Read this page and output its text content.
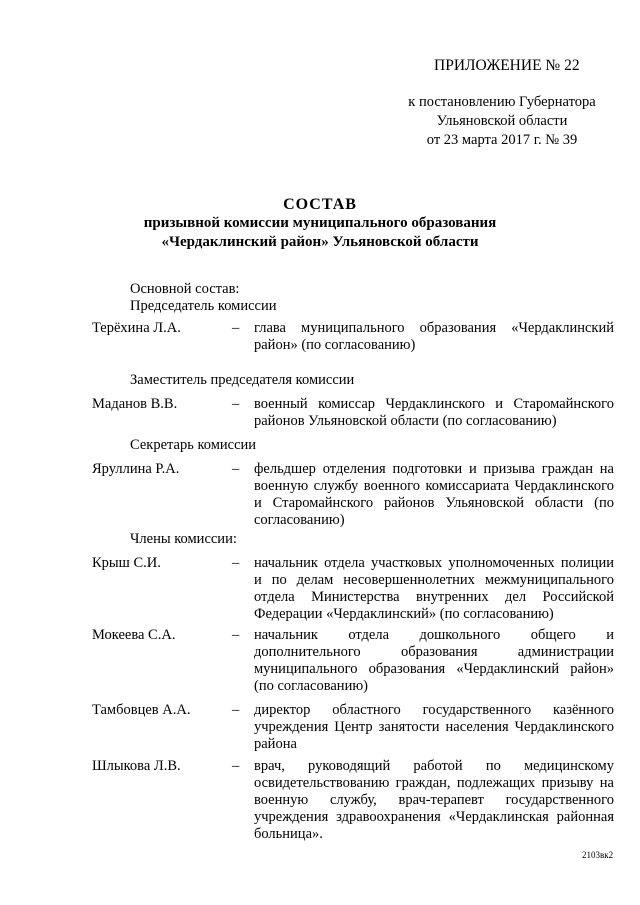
ПРИЛОЖЕНИЕ № 22
к постановлению Губернатора
Ульяновской области
от 23 марта 2017 г. № 39
СОСТАВ
призывной комиссии муниципального образования
«Чердаклинский район» Ульяновской области
Основной состав:
Председатель комиссии
Терёхина Л.А.	–	глава муниципального образования «Чердаклинский район» (по согласованию)
Заместитель председателя комиссии
Маданов В.В.	–	военный комиссар Чердаклинского и Старомайнского районов Ульяновской области (по согласованию)
Секретарь комиссии
Яруллина Р.А.	–	фельдшер отделения подготовки и призыва граждан на военную службу военного комиссариата Чердаклинского и Старомайнского районов Ульяновской области (по согласованию)
Члены комиссии:
Крыш С.И.	–	начальник отдела участковых уполномоченных полиции и по делам несовершеннолетних межмуниципального отдела Министерства внутренних дел Российской Федерации «Чердаклинский» (по согласованию)
Мокеева С.А.	–	начальник отдела дошкольного общего и дополнительного образования администрации муниципального образования «Чердаклинский район» (по согласованию)
Тамбовцев А.А.	–	директор областного государственного казённого учреждения Центр занятости населения Чердаклинского района
Шлыкова Л.В.	–	врач, руководящий работой по медицинскому освидетельствованию граждан, подлежащих призыву на военную службу, врач-терапевт государственного учреждения здравоохранения «Чердаклинская районная больница».
2103вк2
